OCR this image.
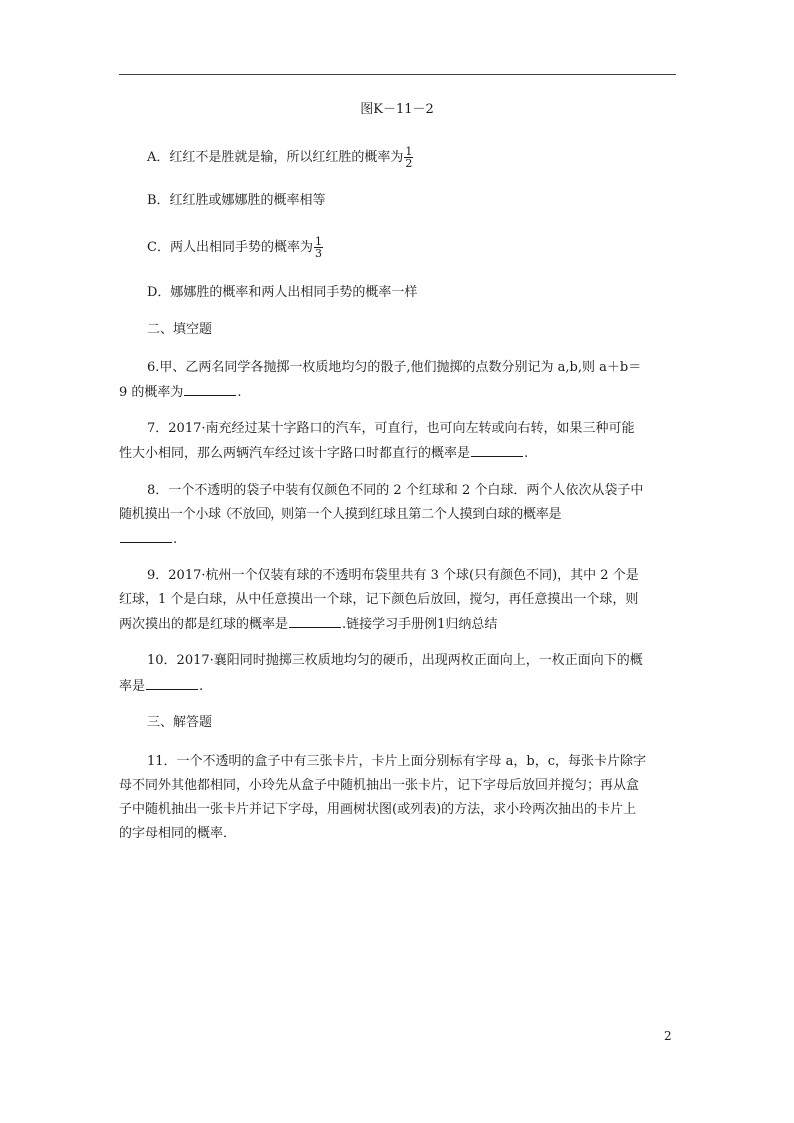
图K－11－2
A．红红不是胜就是输，所以红红胜的概率为 $\frac{1}{2}$
B．红红胜或娜娜胜的概率相等
C．两人出相同手势的概率为 $\frac{1}{3}$
D．娜娜胜的概率和两人出相同手势的概率一样
二、填空题
6.甲、乙两名同学各抛掷一枚质地均匀的骰子,他们抛掷的点数分别记为 a,b,则 a＋b＝
9 的概率为	.
7．2017·南充经过某十字路口的汽车，可直行，也可向左转或向右转，如果三种可能
性大小相同，那么两辆汽车经过该十字路口时都直行的概率是	.
8．一个不透明的袋子中装有仅颜色不同的 2 个红球和 2 个白球．两个人依次从袋子中
随 机 摸 出 一 个 小 球（不 放 回），则 第 一 个 人 摸 到 红 球 且 第 二 个 人 摸 到 白 球 的 概 率 是
.
9．2017·杭州一个仅装有球的不透明布袋里共有 3 个球(只有颜色不同)，其中 2 个是
红球，1 个是白球，从中任意摸出一个球，记下颜色后放回，搅匀，再任意摸出一个球，则
两次摸出的都是红球的概率是	.链接学习手册例1归纳总结
10．2017·襄阳同时抛掷三枚质地均匀的硬币，出现两枚正面向上，一枚正面向下的概
率是	.
三、解答题
11．一个不透明的盒子中有三张卡片，卡片上面分别标有字母 a，b，c，每张卡片除字
母不同外其他都相同，小玲先从盒子中随机抽出一张卡片，记下字母后放回并搅匀；再从盒
子中随机抽出一张卡片并记下字母，用画树状图(或列表)的方法，求小玲两次抽出的卡片上
的字母相同的概率．
2
